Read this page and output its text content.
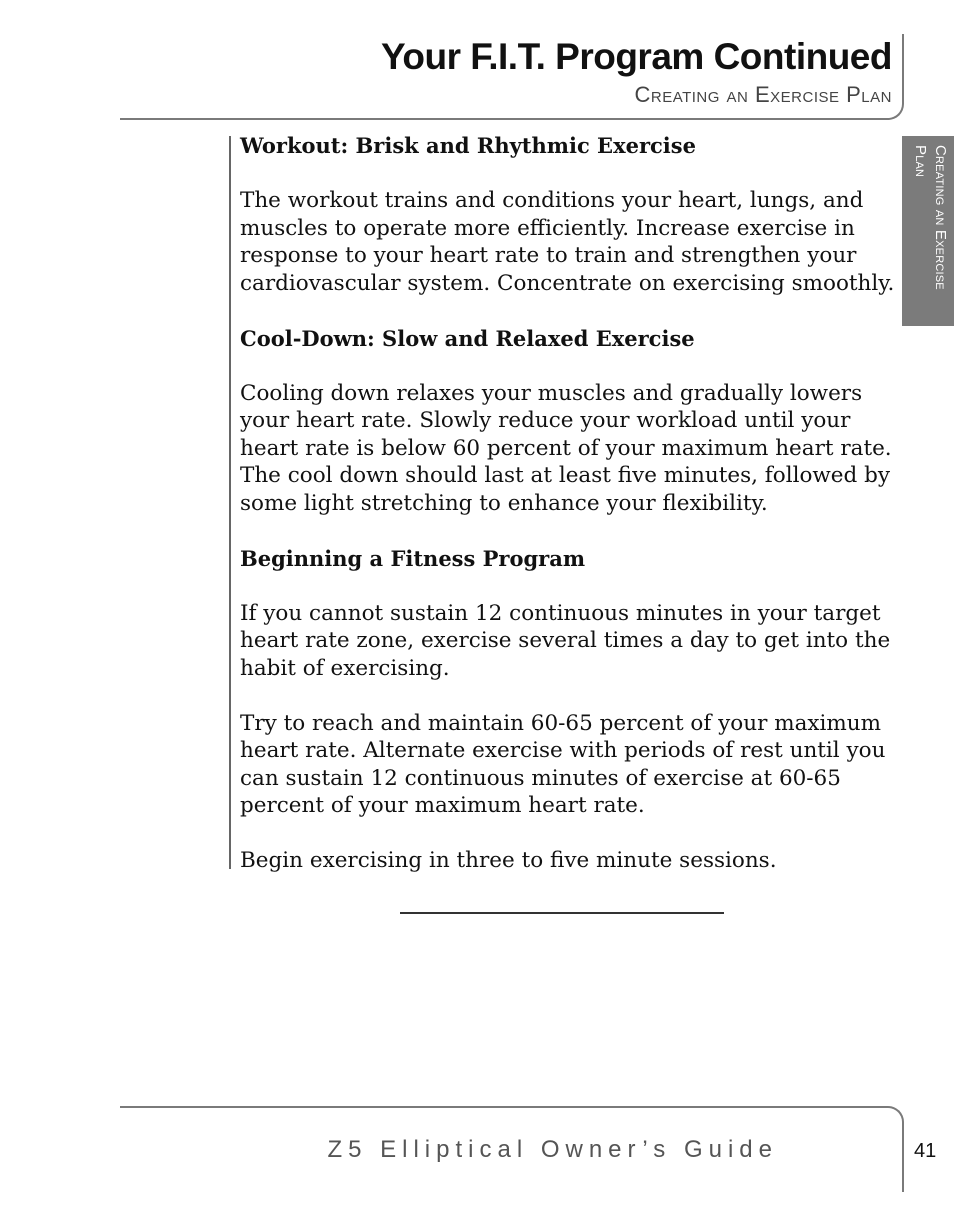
Your F.I.T. Program Continued
Creating an Exercise Plan
Creating an Exercise Plan
Workout: Brisk and Rhythmic Exercise

The workout trains and conditions your heart, lungs, and muscles to operate more efficiently. Increase exercise in response to your heart rate to train and strengthen your cardiovascular system. Concentrate on exercising smoothly.

Cool-Down: Slow and Relaxed Exercise

Cooling down relaxes your muscles and gradually lowers your heart rate. Slowly reduce your workload until your heart rate is below 60 percent of your maximum heart rate. The cool down should last at least five minutes, followed by some light stretching to enhance your flexibility.

Beginning a Fitness Program

If you cannot sustain 12 continuous minutes in your target heart rate zone, exercise several times a day to get into the habit of exercising.

Try to reach and maintain 60-65 percent of your maximum heart rate. Alternate exercise with periods of rest until you can sustain 12 continuous minutes of exercise at 60-65 percent of your maximum heart rate.

Begin exercising in three to five minute sessions.

Z5 Elliptical Owner’s Guide	41
